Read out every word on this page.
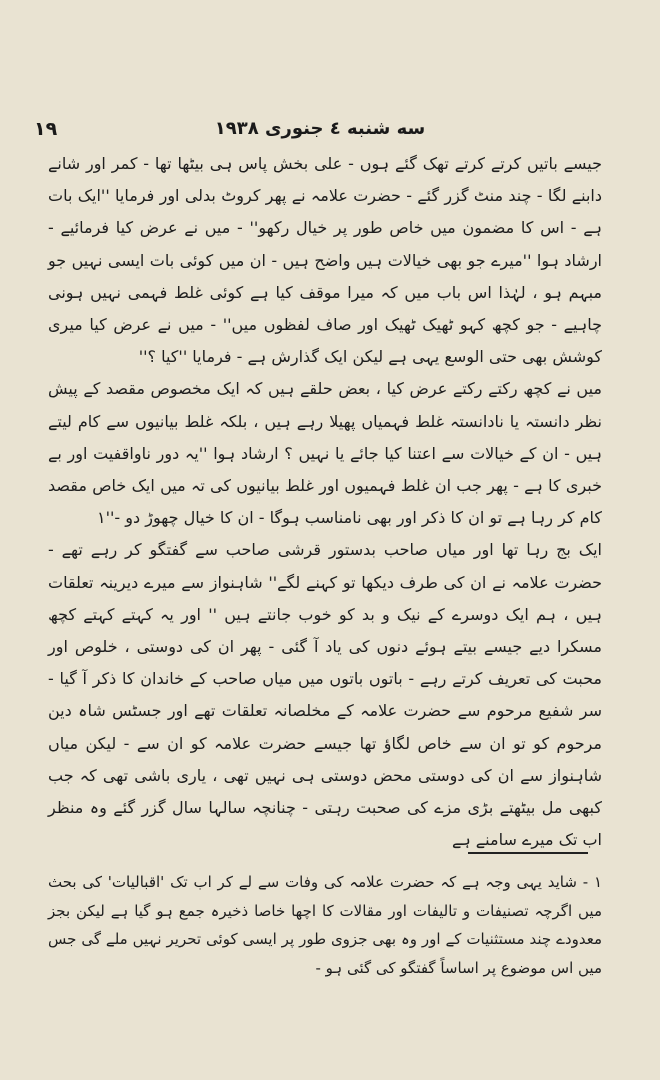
۱۹	سه شنبه ٤ جنوری ۱۹۳۸

جیسے باتیں کرتے کرتے تھک گئے ہوں - علی بخش پاس ہی بیٹھا تھا - کمر اور شانے دابنے لگا - چند منٹ گزر گئے - حضرت علامہ نے پھر کروٹ بدلی اور فرمایا ''ایک بات ہے - اس کا مضمون میں خاص طور پر خیال رکھو'' - میں نے عرض کیا فرمائیے - ارشاد ہوا ''میرے جو بھی خیالات ہیں واضح ہیں - ان میں کوئی بات ایسی نہیں جو مبہم ہو ، لہٰذا اس باب میں کہ میرا موقف کیا ہے کوئی غلط فہمی نہیں ہونی چاہیے - جو کچھ کہو ٹھیک ٹھیک اور صاف لفظوں میں'' - میں نے عرض کیا میری کوشش بھی حتی الوسع یہی ہے لیکن ایک گذارش ہے - فرمایا ''کیا ؟''

میں نے کچھ رکتے رکتے عرض کیا ، بعض حلقے ہیں کہ ایک مخصوص مقصد کے پیش نظر دانستہ یا نادانستہ غلط فہمیاں پھیلا رہے ہیں ، بلکہ غلط بیانیوں سے کام لیتے ہیں - ان کے خیالات سے اعتنا کیا جائے یا نہیں ؟ ارشاد ہوا ''یہ دور ناواقفیت اور بے خبری کا ہے - پھر جب ان غلط فہمیوں اور غلط بیانیوں کی تہ میں ایک خاص مقصد کام کر رہا ہے تو ان کا ذکر اور بھی نامناسب ہوگا - ان کا خیال چھوڑ دو -''۱

ایک بج رہا تھا اور میاں صاحب بدستور قرشی صاحب سے گفتگو کر رہے تھے - حضرت علامہ نے ان کی طرف دیکھا تو کہنے لگے'' شاہنواز سے میرے دیرینہ تعلقات ہیں ، ہم ایک دوسرے کے نیک و بد کو خوب جانتے ہیں '' اور یہ کہتے کہتے کچھ مسکرا دیے جیسے بیتے ہوئے دنوں کی یاد آ گئی - پھر ان کی دوستی ، خلوص اور محبت کی تعریف کرتے رہے - باتوں باتوں میں میاں صاحب کے خاندان کا ذکر آ گیا - سر شفیع مرحوم سے حضرت علامہ کے مخلصانہ تعلقات تھے اور جسٹس شاہ دین مرحوم کو تو ان سے خاص لگاؤ تھا جیسے حضرت علامہ کو ان سے - لیکن میاں شاہنواز سے ان کی دوستی محض دوستی ہی نہیں تھی ، یاری باشی تھی کہ جب کبھی مل بیٹھتے بڑی مزے کی صحبت رہتی - چنانچہ سالہا سال گزر گئے وہ منظر اب تک میرے سامنے ہے

۱ - شاید یہی وجہ ہے کہ حضرت علامہ کی وفات سے لے کر اب تک 'اقبالیات' کی بحث میں اگرچہ تصنیفات و تالیفات اور مقالات کا اچھا خاصا ذخیرہ جمع ہو گیا ہے لیکن بجز معدودے چند مستثنیات کے اور وہ بھی جزوی طور پر ایسی کوئی تحریر نہیں ملے گی جس میں اس موضوع پر اساساً گفتگو کی گئی ہو -
